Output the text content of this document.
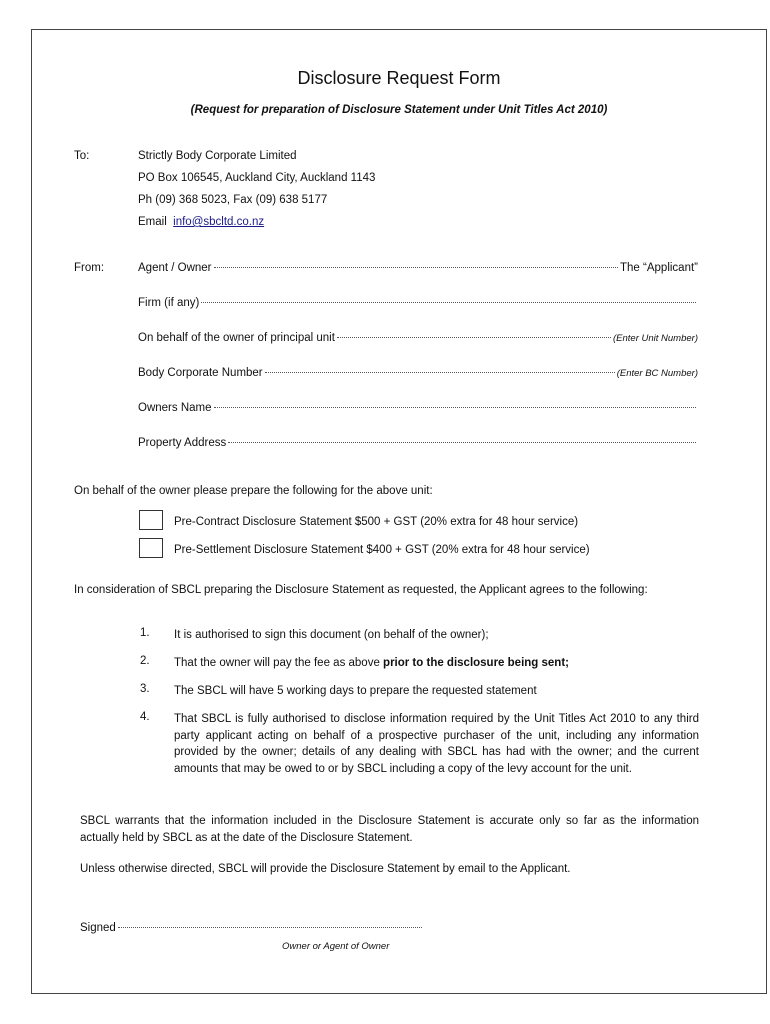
Disclosure Request Form
(Request for preparation of Disclosure Statement under Unit Titles Act 2010)
To:	Strictly Body Corporate Limited
PO Box 106545, Auckland City, Auckland 1143
Ph (09) 368 5023, Fax (09) 638 5177
Email info@sbcltd.co.nz
From:	Agent / Owner	The “Applicant”
Firm (if any)
On behalf of the owner of principal unit	(Enter Unit Number)
Body Corporate Number	(Enter BC Number)
Owners Name
Property Address
On behalf of the owner please prepare the following for the above unit:
Pre-Contract Disclosure Statement $500 + GST (20% extra for 48 hour service)
Pre-Settlement Disclosure Statement $400 + GST (20% extra for 48 hour service)
In consideration of SBCL preparing the Disclosure Statement as requested, the Applicant agrees to the following:
1. It is authorised to sign this document (on behalf of the owner);
2. That the owner will pay the fee as above prior to the disclosure being sent;
3. The SBCL will have 5 working days to prepare the requested statement
4. That SBCL is fully authorised to disclose information required by the Unit Titles Act 2010 to any third party applicant acting on behalf of a prospective purchaser of the unit, including any information provided by the owner; details of any dealing with SBCL has had with the owner; and the current amounts that may be owed to or by SBCL including a copy of the levy account for the unit.
SBCL warrants that the information included in the Disclosure Statement is accurate only so far as the information actually held by SBCL as at the date of the Disclosure Statement.
Unless otherwise directed, SBCL will provide the Disclosure Statement by email to the Applicant.
Signed
Owner or Agent of Owner
